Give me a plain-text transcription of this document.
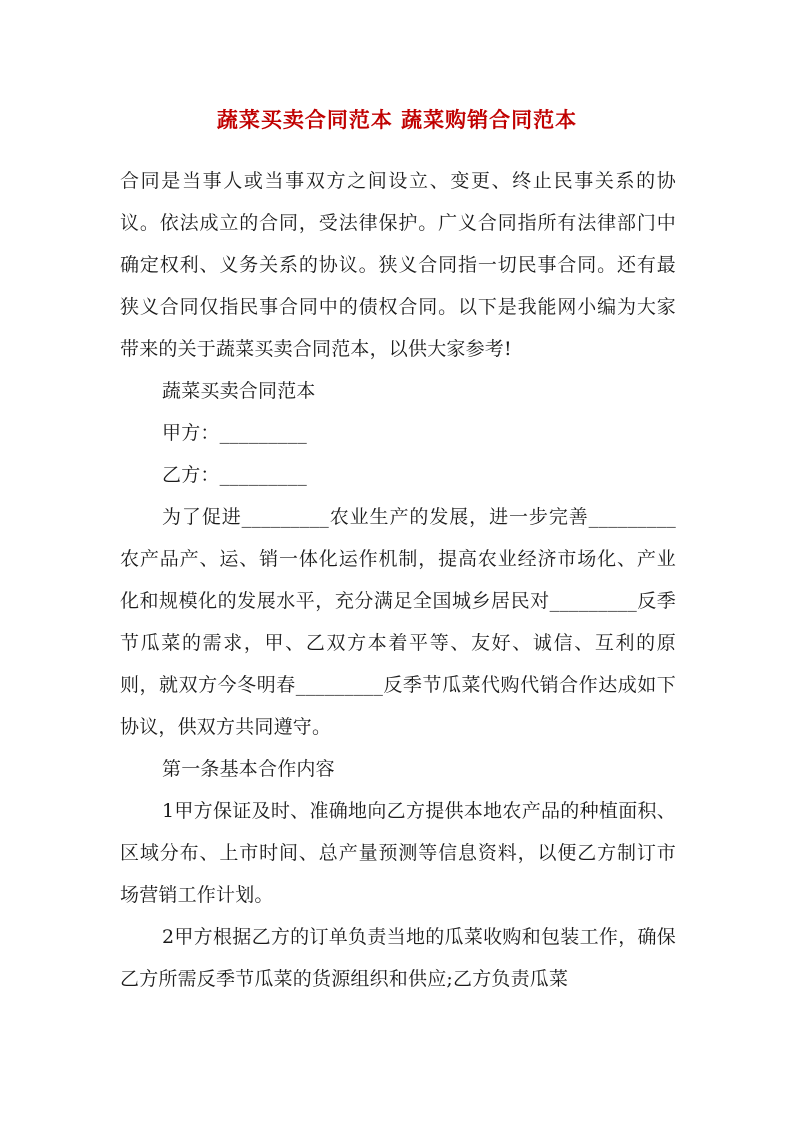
蔬菜买卖合同范本 蔬菜购销合同范本

合同是当事人或当事双方之间设立、变更、终止民事关系的协议。依法成立的合同，受法律保护。广义合同指所有法律部门中确定权利、义务关系的协议。狭义合同指一切民事合同。还有最狭义合同仅指民事合同中的债权合同。以下是我能网小编为大家带来的关于蔬菜买卖合同范本，以供大家参考!

蔬菜买卖合同范本

甲方：_________

乙方：_________

为了促进_________农业生产的发展，进一步完善_________农产品产、运、销一体化运作机制，提高农业经济市场化、产业化和规模化的发展水平，充分满足全国城乡居民对_________反季节瓜菜的需求，甲、乙双方本着平等、友好、诚信、互利的原则，就双方今冬明春_________反季节瓜菜代购代销合作达成如下协议，供双方共同遵守。

第一条基本合作内容

1甲方保证及时、准确地向乙方提供本地农产品的种植面积、区域分布、上市时间、总产量预测等信息资料，以便乙方制订市场营销工作计划。

2甲方根据乙方的订单负责当地的瓜菜收购和包装工作，确保乙方所需反季节瓜菜的货源组织和供应;乙方负责瓜菜
